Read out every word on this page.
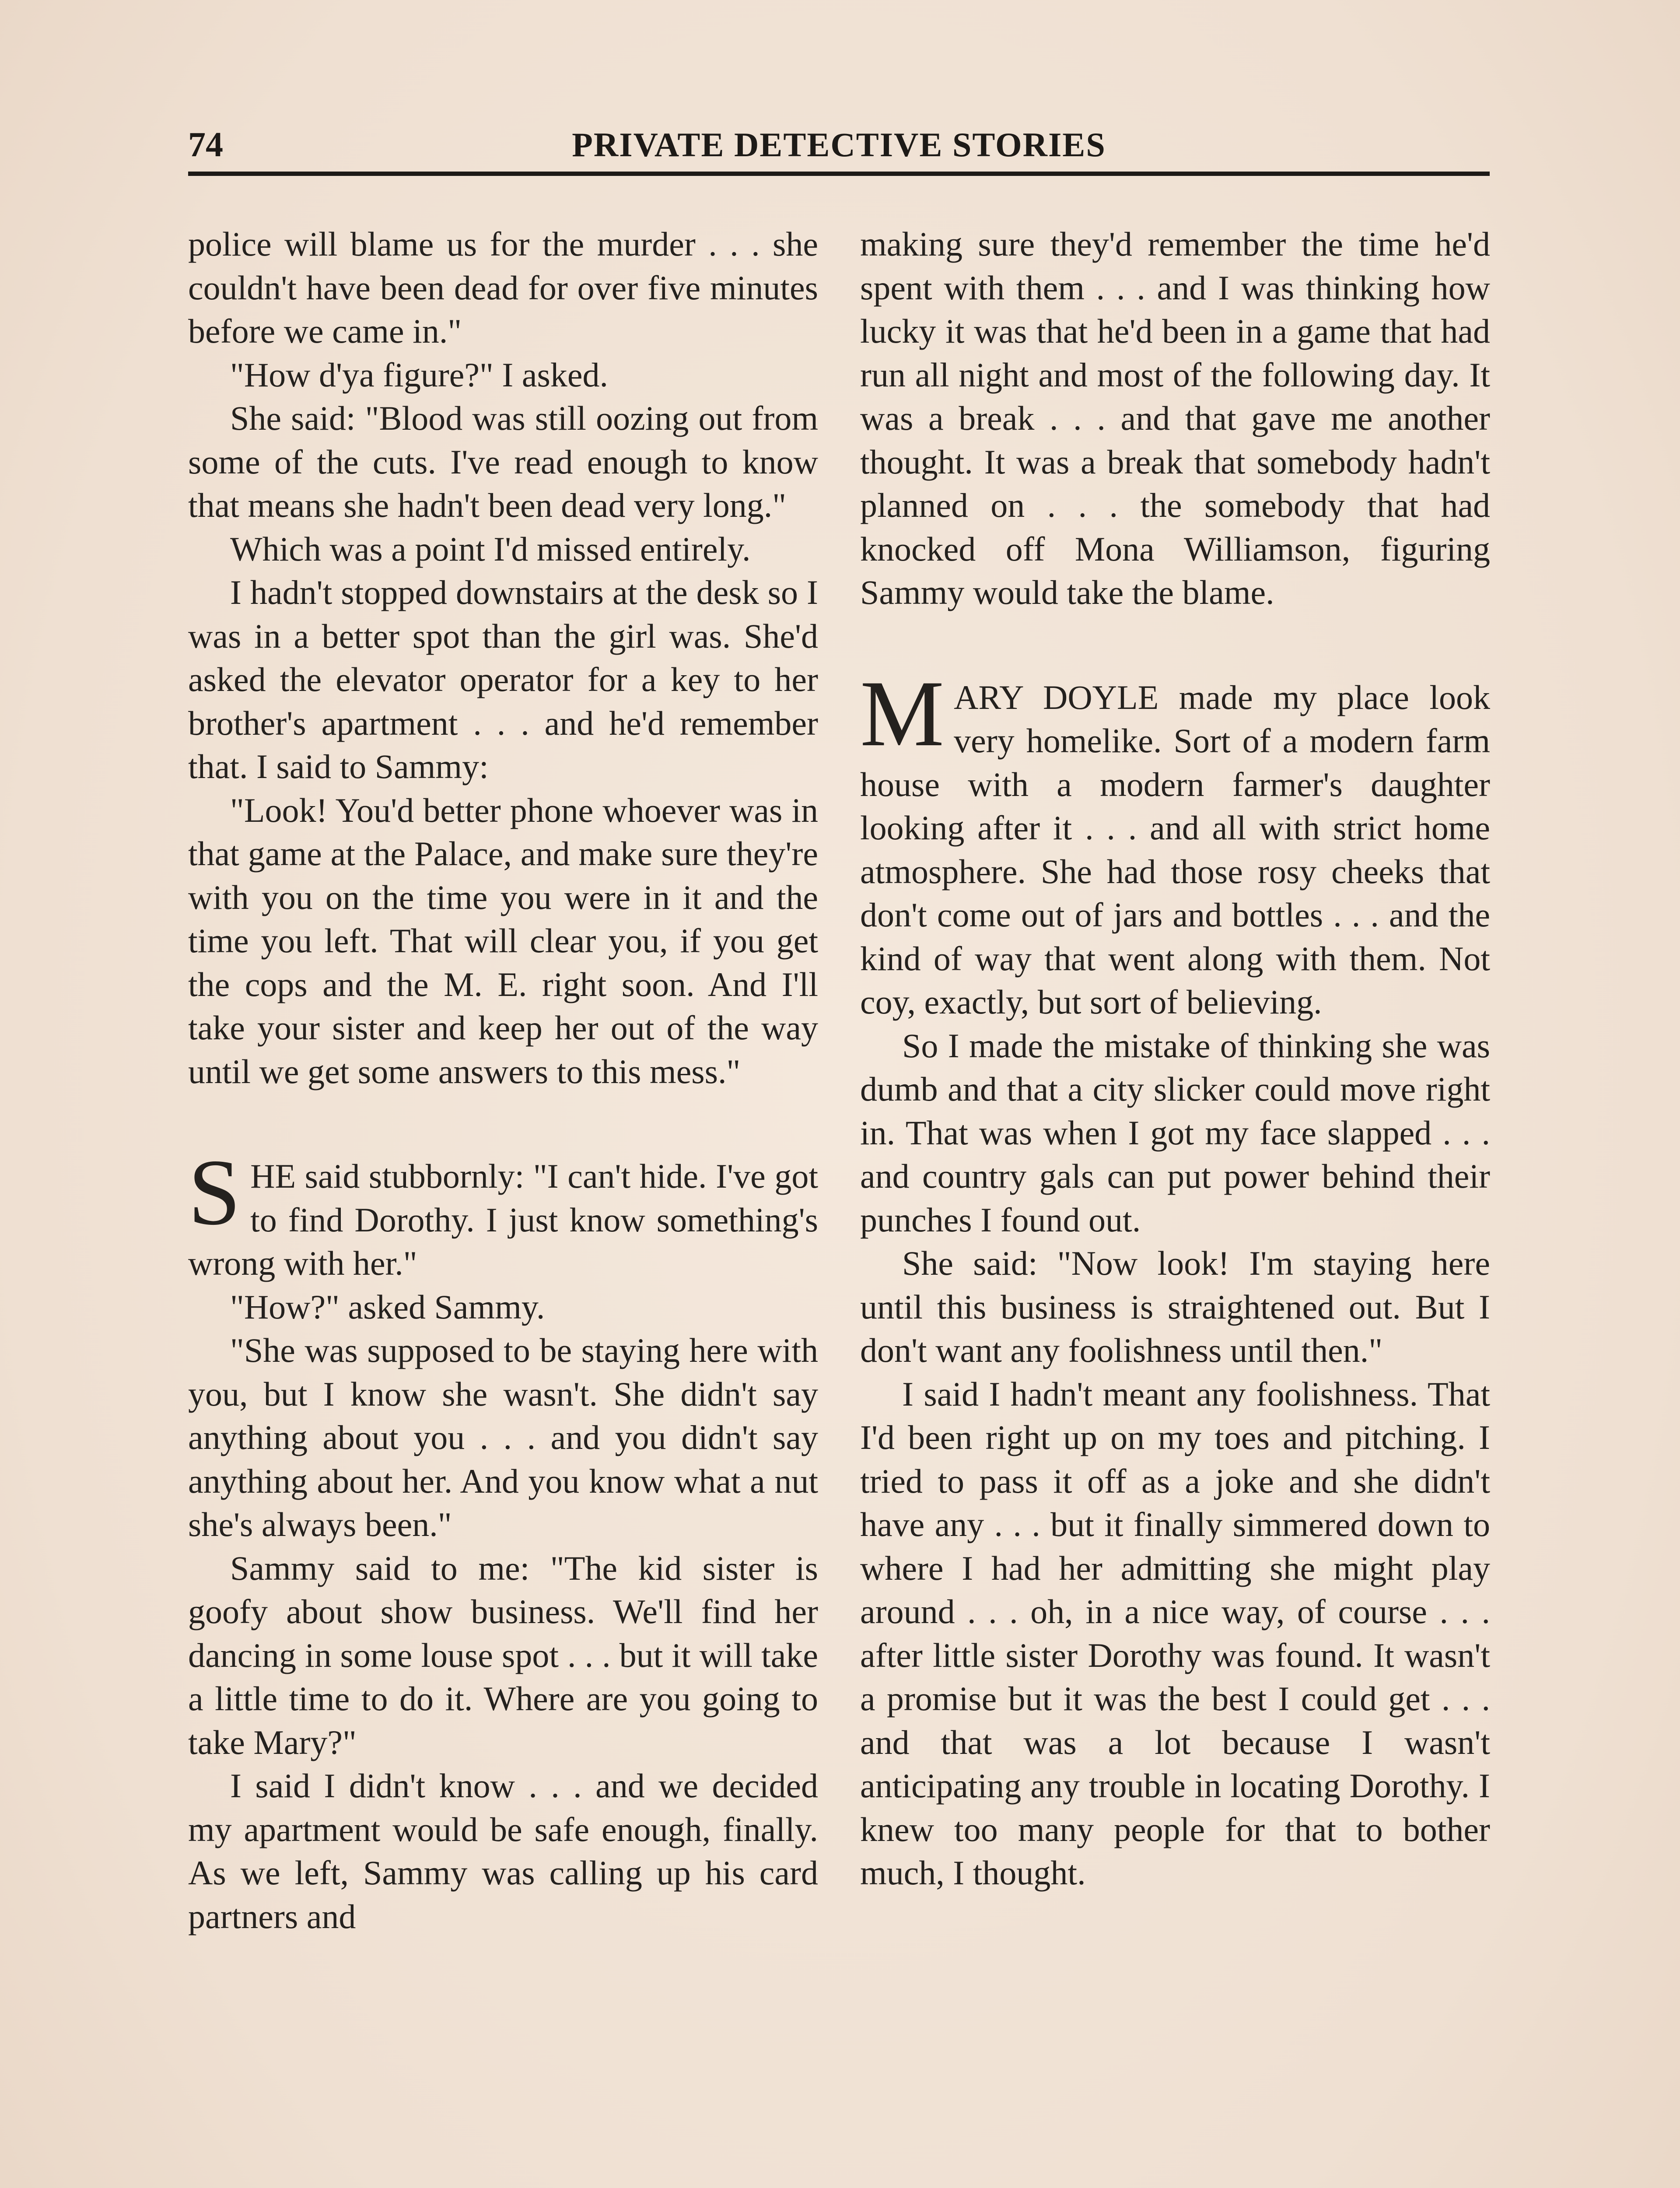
74	PRIVATE DETECTIVE STORIES

police will blame us for the murder . . . she couldn't have been dead for over five minutes before we came in."

"How d'ya figure?" I asked.

She said: "Blood was still oozing out from some of the cuts. I've read enough to know that means she hadn't been dead very long."

Which was a point I'd missed entirely.

I hadn't stopped downstairs at the desk so I was in a better spot than the girl was. She'd asked the elevator operator for a key to her brother's apartment . . . and he'd remember that. I said to Sammy:

"Look! You'd better phone whoever was in that game at the Palace, and make sure they're with you on the time you were in it and the time you left. That will clear you, if you get the cops and the M. E. right soon. And I'll take your sister and keep her out of the way until we get some answers to this mess."

SHE said stubbornly: "I can't hide. I've got to find Dorothy. I just know something's wrong with her."

"How?" asked Sammy.

"She was supposed to be staying here with you, but I know she wasn't. She didn't say anything about you . . . and you didn't say anything about her. And you know what a nut she's always been."

Sammy said to me: "The kid sister is goofy about show business. We'll find her dancing in some louse spot . . . but it will take a little time to do it. Where are you going to take Mary?"

I said I didn't know . . . and we decided my apartment would be safe enough, finally. As we left, Sammy was calling up his card partners and

making sure they'd remember the time he'd spent with them . . . and I was thinking how lucky it was that he'd been in a game that had run all night and most of the following day. It was a break . . . and that gave me another thought. It was a break that somebody hadn't planned on . . . the somebody that had knocked off Mona Williamson, figuring Sammy would take the blame.

MARY DOYLE made my place look very homelike. Sort of a modern farm house with a modern farmer's daughter looking after it . . . and all with strict home atmosphere. She had those rosy cheeks that don't come out of jars and bottles . . . and the kind of way that went along with them. Not coy, exactly, but sort of believing.

So I made the mistake of thinking she was dumb and that a city slicker could move right in. That was when I got my face slapped . . . and country gals can put power behind their punches I found out.

She said: "Now look! I'm staying here until this business is straightened out. But I don't want any foolishness until then."

I said I hadn't meant any foolishness. That I'd been right up on my toes and pitching. I tried to pass it off as a joke and she didn't have any . . . but it finally simmered down to where I had her admitting she might play around . . . oh, in a nice way, of course . . . after little sister Dorothy was found. It wasn't a promise but it was the best I could get . . . and that was a lot because I wasn't anticipating any trouble in locating Dorothy. I knew too many people for that to bother much, I thought.
